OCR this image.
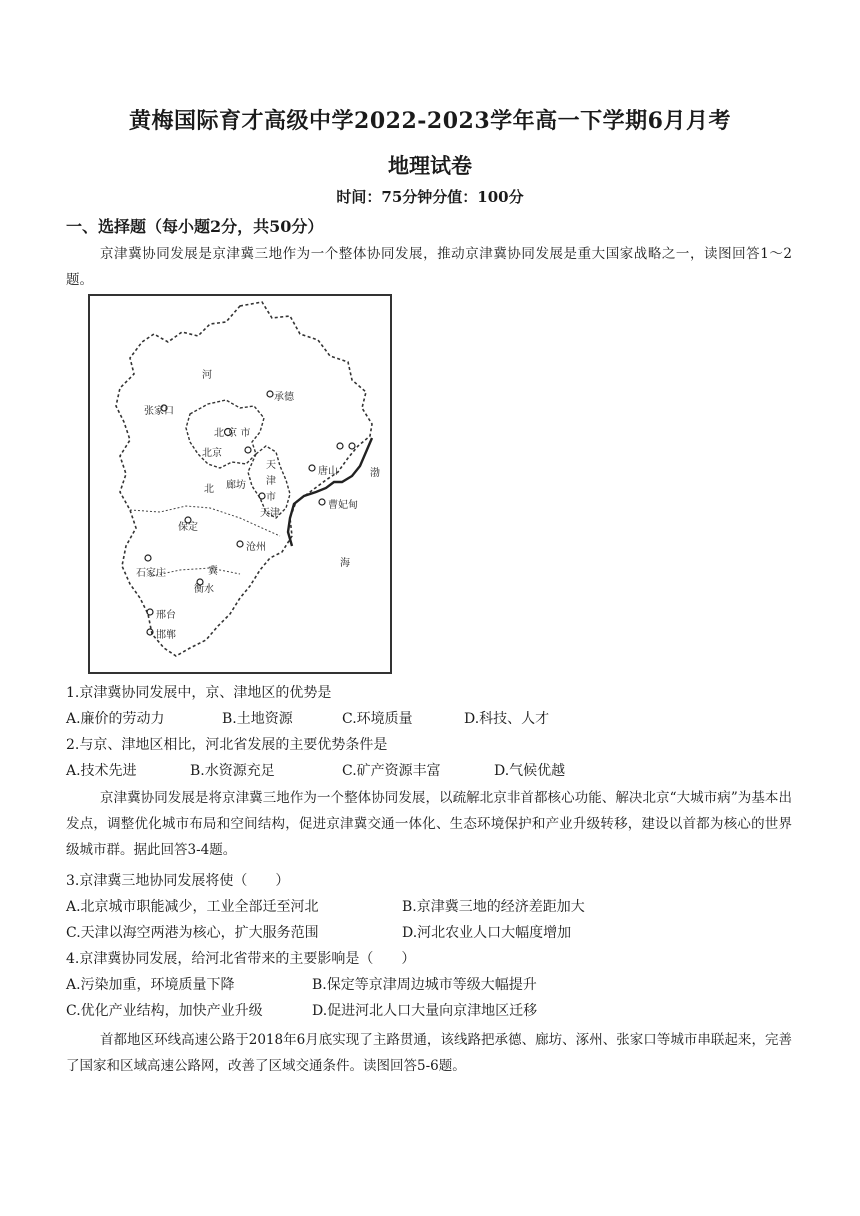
黄梅国际育才高级中学2022-2023学年高一下学期6月月考
地理试卷
时间：75分钟分值：100分
一、选择题（每小题2分，共50分）
京津冀协同发展是京津冀三地作为一个整体协同发展，推动京津冀协同发展是重大国家战略之一，读图回答1～2题。
河
张家口
承德
北 京 市
北京
北 廊坊
天
津
市
天津
唐山
曹妃甸
渤
海
保定
沧州
石家庄	冀
衡水
邢台
邯郸
1.京津冀协同发展中，京、津地区的优势是
A.廉价的劳动力	B.土地资源	C.环境质量	D.科技、人才
2.与京、津地区相比，河北省发展的主要优势条件是
A.技术先进	B.水资源充足	C.矿产资源丰富	D.气候优越
京津冀协同发展是将京津冀三地作为一个整体协同发展，以疏解北京非首都核心功能、解决北京“大城市病”为基本出发点，调整优化城市布局和空间结构，促进京津冀交通一体化、生态环境保护和产业升级转移，建设以首都为核心的世界级城市群。据此回答3-4题。
3.京津冀三地协同发展将使（　　）
A.北京城市职能减少，工业全部迁至河北	B.京津冀三地的经济差距加大
C.天津以海空两港为核心，扩大服务范围	D.河北农业人口大幅度增加
4.京津冀协同发展，给河北省带来的主要影响是（　　）
A.污染加重，环境质量下降	B.保定等京津周边城市等级大幅提升
C.优化产业结构，加快产业升级	D.促进河北人口大量向京津地区迁移
首都地区环线高速公路于2018年6月底实现了主路贯通，该线路把承德、廊坊、涿州、张家口等城市串联起来，完善了国家和区域高速公路网，改善了区域交通条件。读图回答5-6题。
